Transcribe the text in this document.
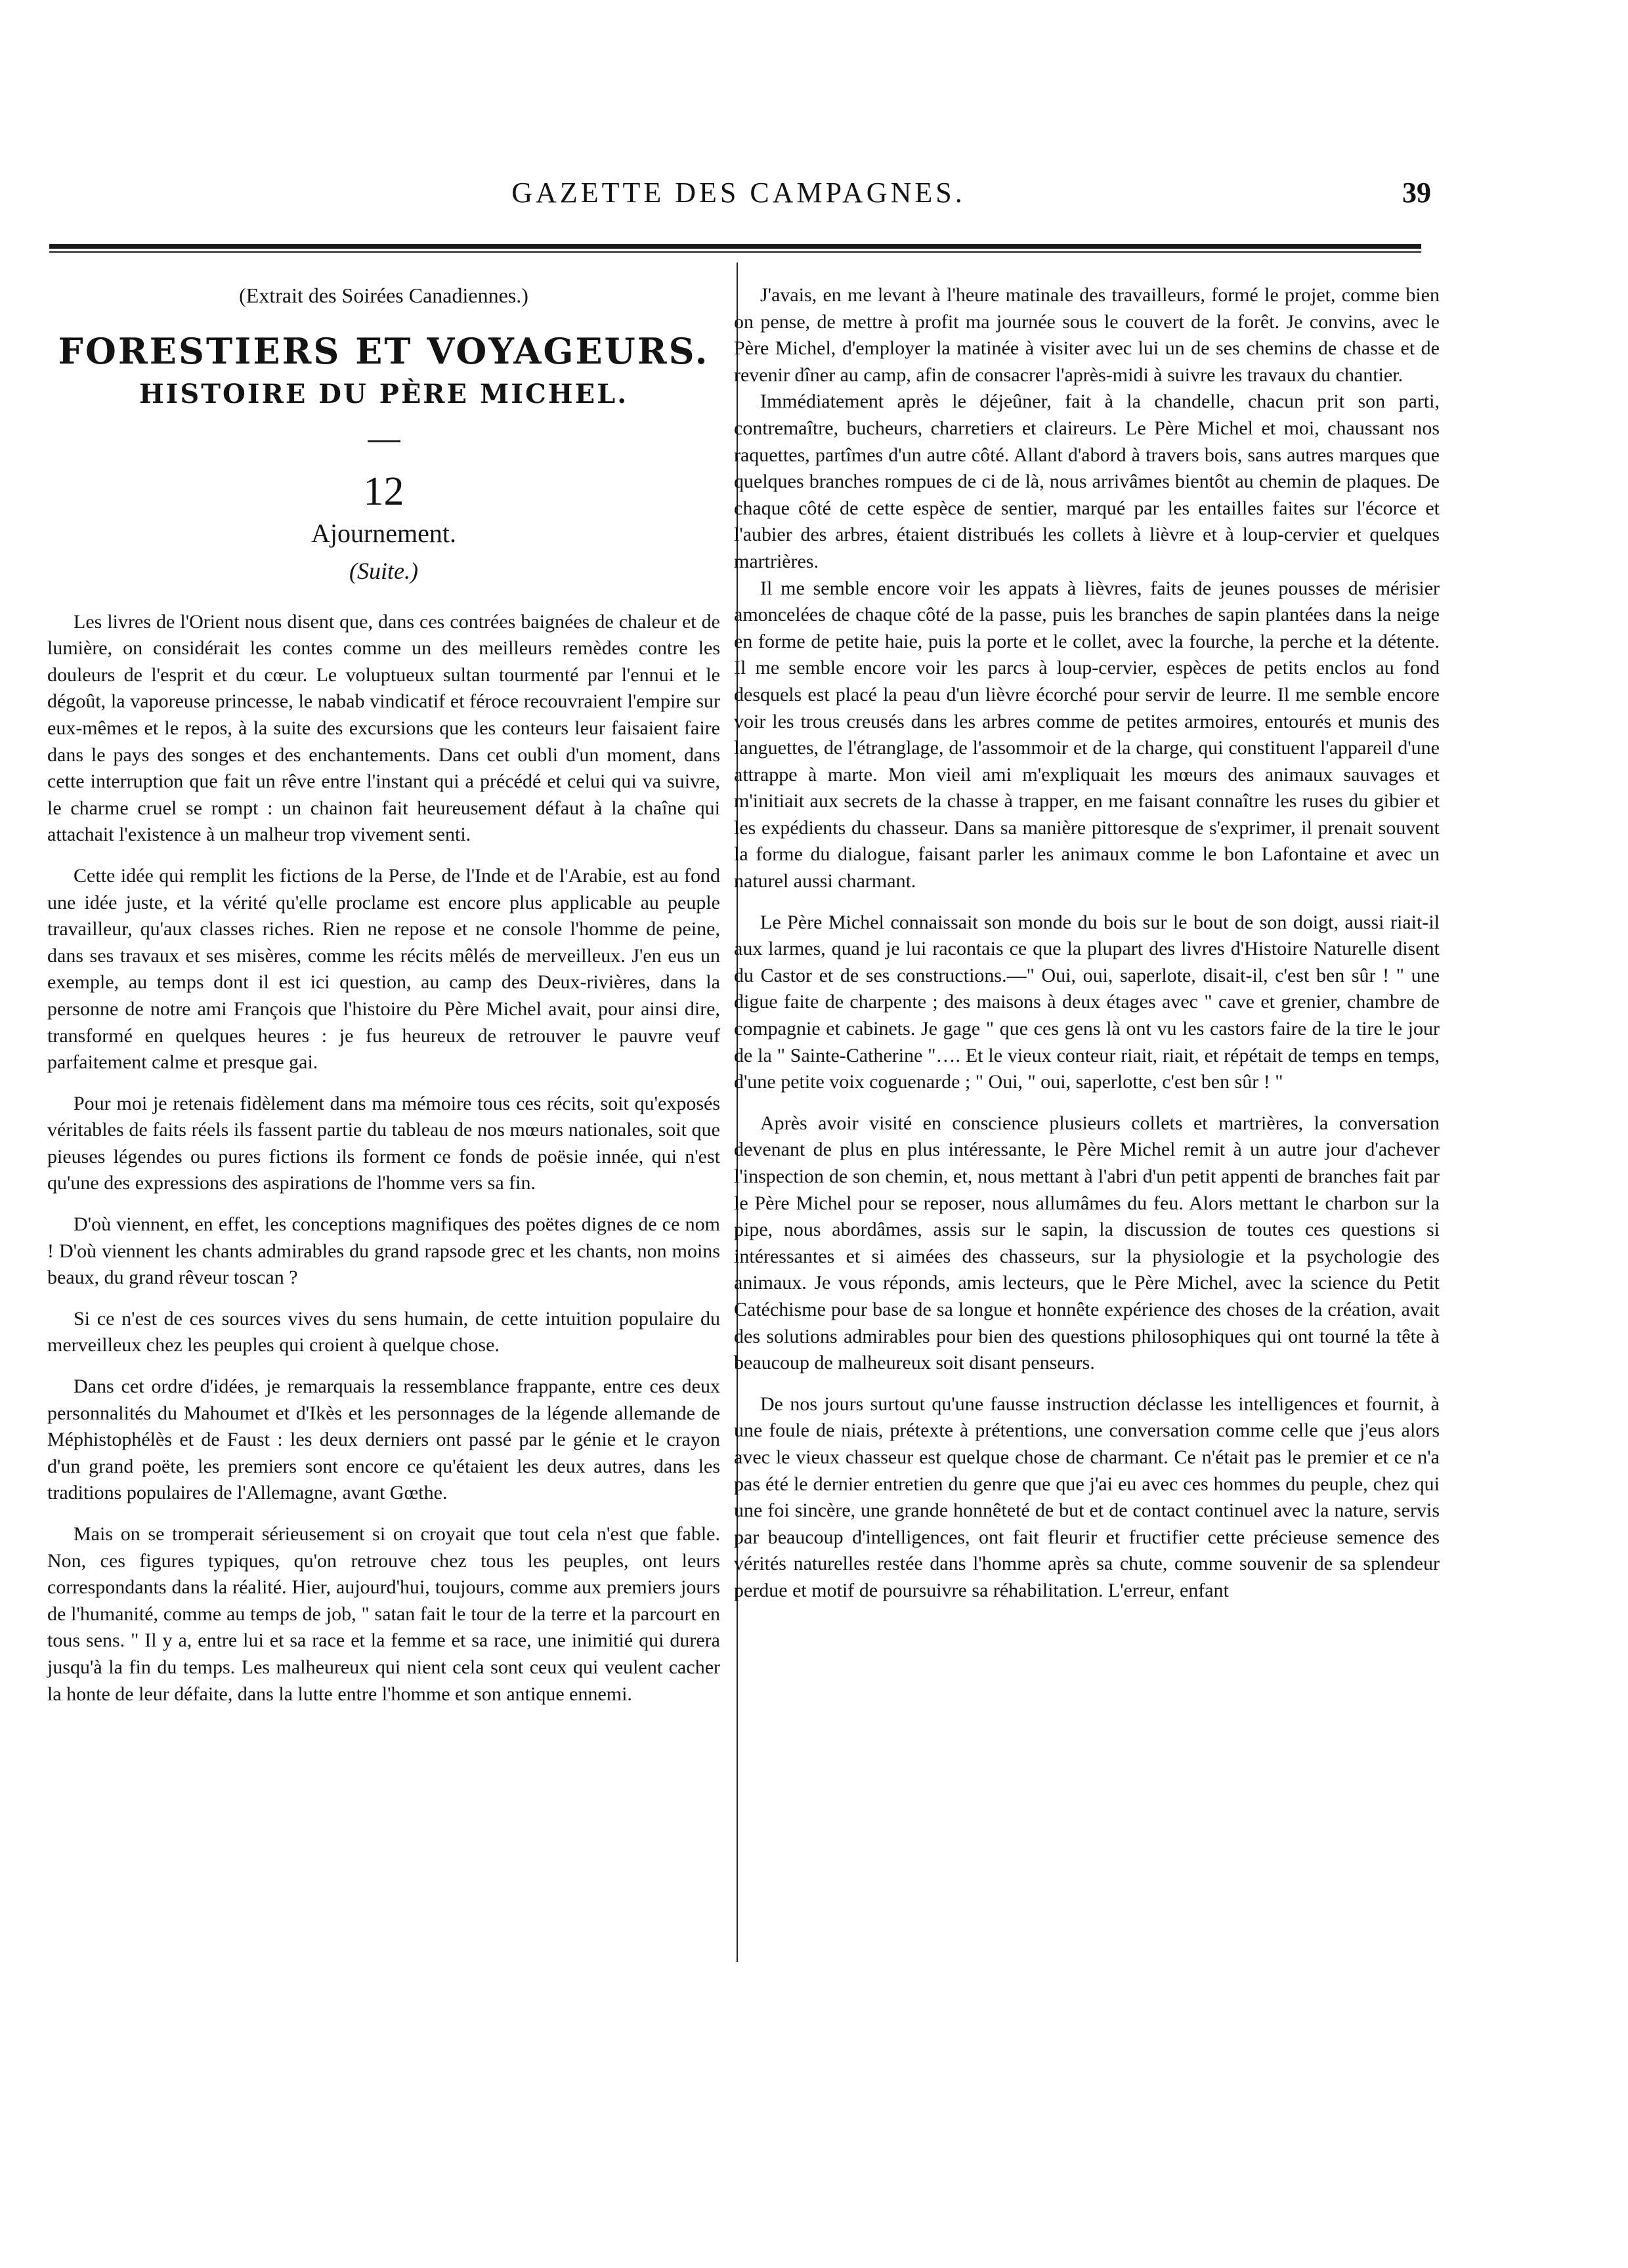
GAZETTE DES CAMPAGNES.	39
(Extrait des Soirées Canadiennes.)
FORESTIERS ET VOYAGEURS.
HISTOIRE DU PÈRE MICHEL.
12
Ajournement.
(Suite.)

Les livres de l'Orient nous disent que, dans ces contrées baignées de chaleur et de lumière, on considérait les contes comme un des meilleurs remèdes contre les douleurs de l'esprit et du cœur. Le voluptueux sultan tourmenté par l'ennui et le dégoût, la vaporeuse princesse, le nabab vindicatif et féroce recouvraient l'empire sur eux-mêmes et le repos, à la suite des excursions que les conteurs leur faisaient faire dans le pays des songes et des enchantements. Dans cet oubli d'un moment, dans cette interruption que fait un rêve entre l'instant qui a précédé et celui qui va suivre, le charme cruel se rompt : un chainon fait heureusement défaut à la chaîne qui attachait l'existence à un malheur trop vivement senti.

Cette idée qui remplit les fictions de la Perse, de l'Inde et de l'Arabie, est au fond une idée juste, et la vérité qu'elle proclame est encore plus applicable au peuple travailleur, qu'aux classes riches. Rien ne repose et ne console l'homme de peine, dans ses travaux et ses misères, comme les récits mêlés de merveilleux. J'en eus un exemple, au temps dont il est ici question, au camp des Deux-rivières, dans la personne de notre ami François que l'histoire du Père Michel avait, pour ainsi dire, transformé en quelques heures : je fus heureux de retrouver le pauvre veuf parfaitement calme et presque gai.

Pour moi je retenais fidèlement dans ma mémoire tous ces récits, soit qu'exposés véritables de faits réels ils fassent partie du tableau de nos mœurs nationales, soit que pieuses légendes ou pures fictions ils forment ce fonds de poësie innée, qui n'est qu'une des expressions des aspirations de l'homme vers sa fin.

D'où viennent, en effet, les conceptions magnifiques des poëtes dignes de ce nom ! D'où viennent les chants admirables du grand rapsode grec et les chants, non moins beaux, du grand rêveur toscan ?

Si ce n'est de ces sources vives du sens humain, de cette intuition populaire du merveilleux chez les peuples qui croient à quelque chose.

Dans cet ordre d'idées, je remarquais la ressemblance frappante, entre ces deux personnalités du Mahoumet et d'Ikès et les personnages de la légende allemande de Méphistophélès et de Faust : les deux derniers ont passé par le génie et le crayon d'un grand poëte, les premiers sont encore ce qu'étaient les deux autres, dans les traditions populaires de l'Allemagne, avant Gœthe.

Mais on se tromperait sérieusement si on croyait que tout cela n'est que fable. Non, ces figures typiques, qu'on retrouve chez tous les peuples, ont leurs correspondants dans la réalité. Hier, aujourd'hui, toujours, comme aux premiers jours de l'humanité, comme au temps de job, " satan fait le tour de la terre et la parcourt en tous sens. " Il y a, entre lui et sa race et la femme et sa race, une inimitié qui durera jusqu'à la fin du temps. Les malheureux qui nient cela sont ceux qui veulent cacher la honte de leur défaite, dans la lutte entre l'homme et son antique ennemi.

J'avais, en me levant à l'heure matinale des travailleurs, formé le projet, comme bien on pense, de mettre à profit ma journée sous le couvert de la forêt. Je convins, avec le Père Michel, d'employer la matinée à visiter avec lui un de ses chemins de chasse et de revenir dîner au camp, afin de consacrer l'après-midi à suivre les travaux du chantier.

Immédiatement après le déjeûner, fait à la chandelle, chacun prit son parti, contremaître, bucheurs, charretiers et claireurs. Le Père Michel et moi, chaussant nos raquettes, partîmes d'un autre côté. Allant d'abord à travers bois, sans autres marques que quelques branches rompues de ci de là, nous arrivâmes bientôt au chemin de plaques. De chaque côté de cette espèce de sentier, marqué par les entailles faites sur l'écorce et l'aubier des arbres, étaient distribués les collets à lièvre et à loup-cervier et quelques martrières.

Il me semble encore voir les appats à lièvres, faits de jeunes pousses de mérisier amoncelées de chaque côté de la passe, puis les branches de sapin plantées dans la neige en forme de petite haie, puis la porte et le collet, avec la fourche, la perche et la détente. Il me semble encore voir les parcs à loup-cervier, espèces de petits enclos au fond desquels est placé la peau d'un lièvre écorché pour servir de leurre. Il me semble encore voir les trous creusés dans les arbres comme de petites armoires, entourés et munis des languettes, de l'étranglage, de l'assommoir et de la charge, qui constituent l'appareil d'une attrappe à marte. Mon vieil ami m'expliquait les mœurs des animaux sauvages et m'initiait aux secrets de la chasse à trapper, en me faisant connaître les ruses du gibier et les expédients du chasseur. Dans sa manière pittoresque de s'exprimer, il prenait souvent la forme du dialogue, faisant parler les animaux comme le bon Lafontaine et avec un naturel aussi charmant.

Le Père Michel connaissait son monde du bois sur le bout de son doigt, aussi riait-il aux larmes, quand je lui racontais ce que la plupart des livres d'Histoire Naturelle disent du Castor et de ses constructions.—" Oui, oui, saperlote, disait-il, c'est ben sûr ! " une digue faite de charpente ; des maisons à deux étages avec " cave et grenier, chambre de compagnie et cabinets. Je gage " que ces gens là ont vu les castors faire de la tire le jour de la " Sainte-Catherine "…. Et le vieux conteur riait, riait, et répétait de temps en temps, d'une petite voix coguenarde ; " Oui, " oui, saperlotte, c'est ben sûr ! "

Après avoir visité en conscience plusieurs collets et martrières, la conversation devenant de plus en plus intéressante, le Père Michel remit à un autre jour d'achever l'inspection de son chemin, et, nous mettant à l'abri d'un petit appenti de branches fait par le Père Michel pour se reposer, nous allumâmes du feu. Alors mettant le charbon sur la pipe, nous abordâmes, assis sur le sapin, la discussion de toutes ces questions si intéressantes et si aimées des chasseurs, sur la physiologie et la psychologie des animaux. Je vous réponds, amis lecteurs, que le Père Michel, avec la science du Petit Catéchisme pour base de sa longue et honnête expérience des choses de la création, avait des solutions admirables pour bien des questions philosophiques qui ont tourné la tête à beaucoup de malheureux soit disant penseurs.

De nos jours surtout qu'une fausse instruction déclasse les intelligences et fournit, à une foule de niais, prétexte à prétentions, une conversation comme celle que j'eus alors avec le vieux chasseur est quelque chose de charmant. Ce n'était pas le premier et ce n'a pas été le dernier entretien du genre que que j'ai eu avec ces hommes du peuple, chez qui une foi sincère, une grande honnêteté de but et de contact continuel avec la nature, servis par beaucoup d'intelligences, ont fait fleurir et fructifier cette précieuse semence des vérités naturelles restée dans l'homme après sa chute, comme souvenir de sa splendeur perdue et motif de poursuivre sa réhabilitation. L'erreur, enfant
